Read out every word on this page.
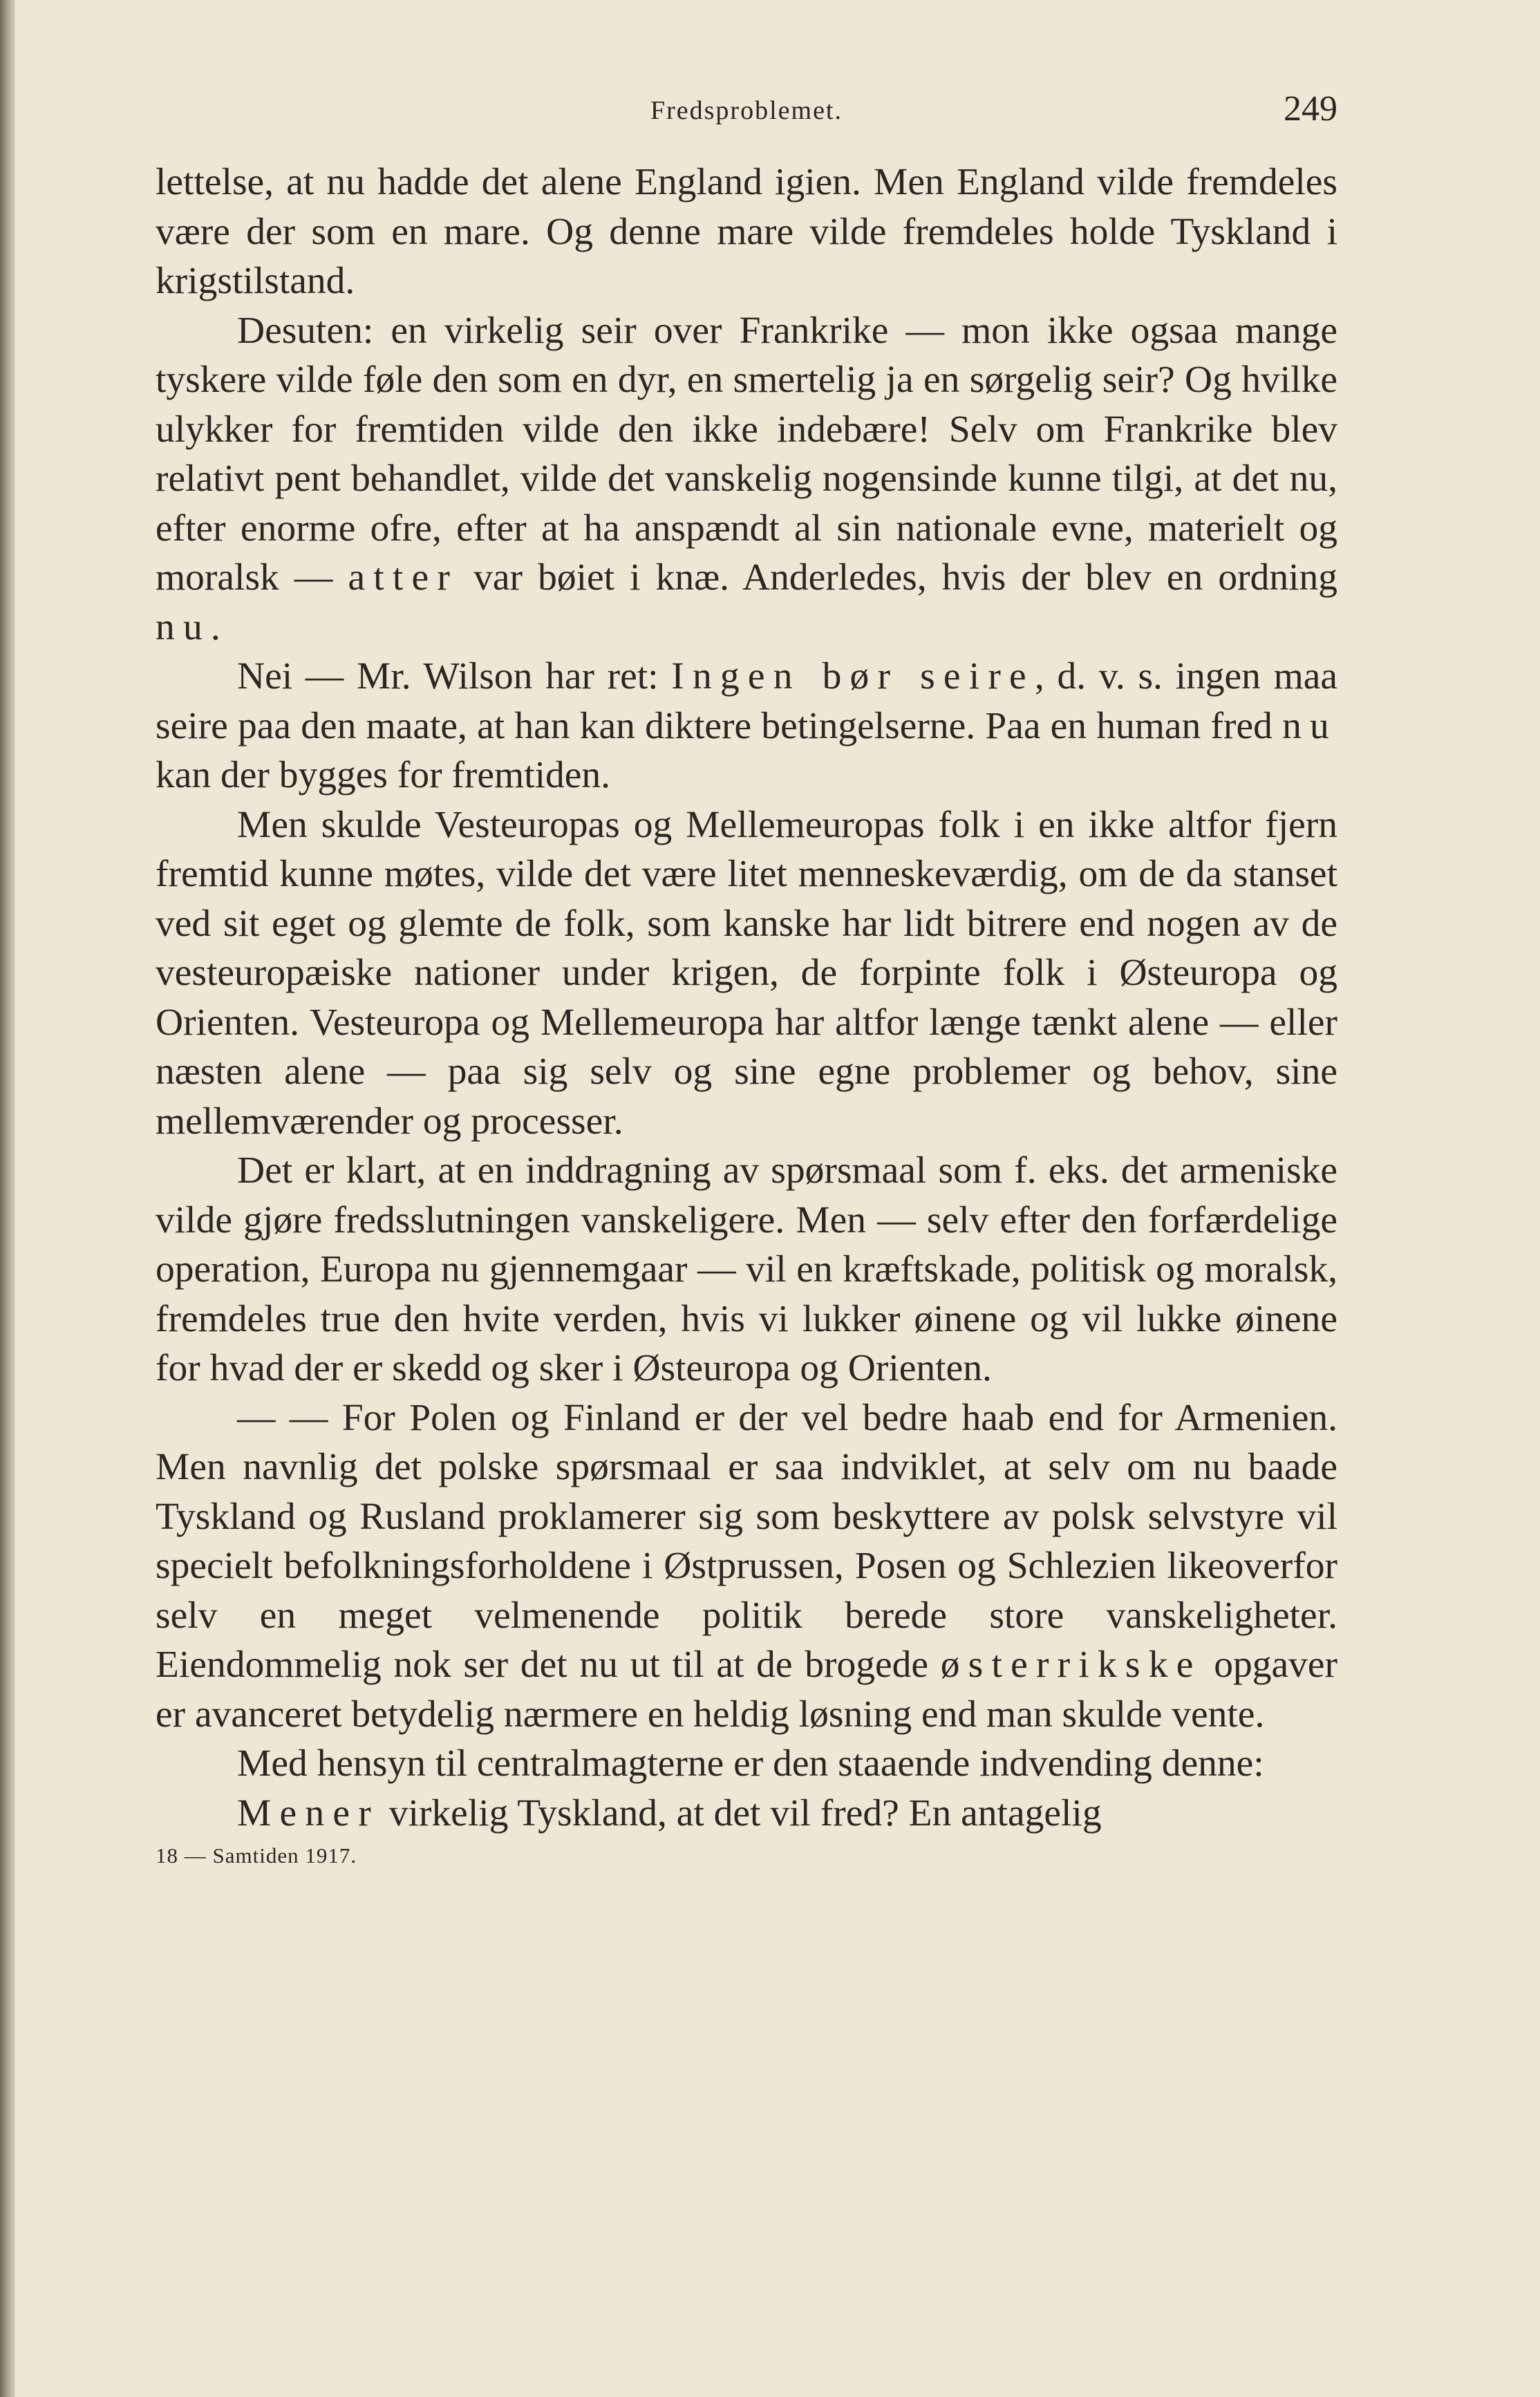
Fredsproblemet.	249

lettelse, at nu hadde det alene England igien. Men England vilde fremdeles være der som en mare. Og denne mare vilde fremdeles holde Tyskland i krigstilstand.

Desuten: en virkelig seir over Frankrike — mon ikke ogsaa mange tyskere vilde føle den som en dyr, en smertelig ja en sørgelig seir? Og hvilke ulykker for fremtiden vilde den ikke indebære! Selv om Frankrike blev relativt pent behandlet, vilde det vanskelig nogensinde kunne tilgi, at det nu, efter enorme ofre, efter at ha anspændt al sin nationale evne, materielt og moralsk — atter var bøiet i knæ. Anderledes, hvis der blev en ordning nu.

Nei — Mr. Wilson har ret: Ingen bør seire, d. v. s. ingen maa seire paa den maate, at han kan diktere betingelserne. Paa en human fred nu kan der bygges for fremtiden.

Men skulde Vesteuropas og Mellemeuropas folk i en ikke altfor fjern fremtid kunne møtes, vilde det være litet menneskeværdig, om de da stanset ved sit eget og glemte de folk, som kanske har lidt bitrere end nogen av de vesteuropæiske nationer under krigen, de forpinte folk i Østeuropa og Orienten. Vesteuropa og Mellemeuropa har altfor længe tænkt alene — eller næsten alene — paa sig selv og sine egne problemer og behov, sine mellemværender og processer.

Det er klart, at en inddragning av spørsmaal som f. eks. det armeniske vilde gjøre fredsslutningen vanskeligere. Men — selv efter den forfærdelige operation, Europa nu gjennemgaar — vil en kræftskade, politisk og moralsk, fremdeles true den hvite verden, hvis vi lukker øinene og vil lukke øinene for hvad der er skedd og sker i Østeuropa og Orienten.

— — For Polen og Finland er der vel bedre haab end for Armenien. Men navnlig det polske spørsmaal er saa indviklet, at selv om nu baade Tyskland og Rusland proklamerer sig som beskyttere av polsk selvstyre vil specielt befolkningsforholdene i Østprussen, Posen og Schlezien likeoverfor selv en meget velmenende politik berede store vanskeligheter. Eiendommelig nok ser det nu ut til at de brogede østerrikske opgaver er avanceret betydelig nærmere en heldig løsning end man skulde vente.

Med hensyn til centralmagterne er den staaende indvending denne:

Mener virkelig Tyskland, at det vil fred? En antagelig

18 — Samtiden 1917.
